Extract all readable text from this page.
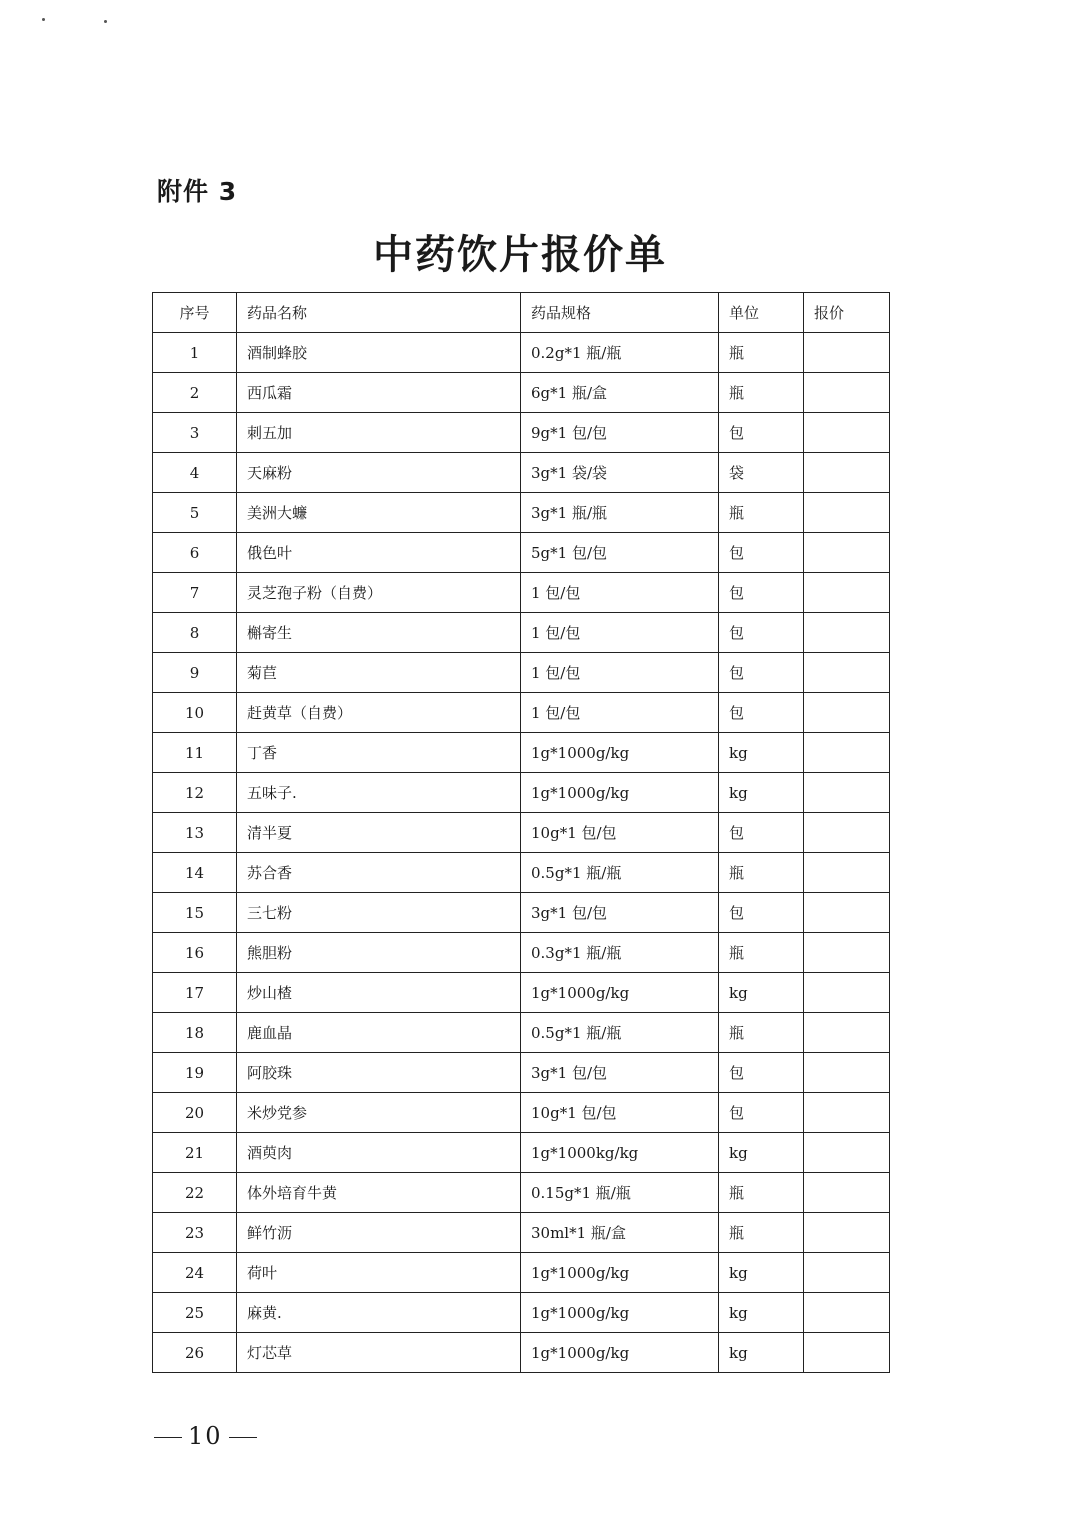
附件 3
中药饮片报价单
序号	药品名称	药品规格	单位	报价
1	酒制蜂胶	0.2g*1 瓶/瓶	瓶	
2	西瓜霜	6g*1 瓶/盒	瓶	
3	刺五加	9g*1 包/包	包	
4	天麻粉	3g*1 袋/袋	袋	
5	美洲大蠊	3g*1 瓶/瓶	瓶	
6	俄色叶	5g*1 包/包	包	
7	灵芝孢子粉（自费）	1 包/包	包	
8	槲寄生	1 包/包	包	
9	菊苣	1 包/包	包	
10	赶黄草（自费）	1 包/包	包	
11	丁香	1g*1000g/kg	kg	
12	五味子.	1g*1000g/kg	kg	
13	清半夏	10g*1 包/包	包	
14	苏合香	0.5g*1 瓶/瓶	瓶	
15	三七粉	3g*1 包/包	包	
16	熊胆粉	0.3g*1 瓶/瓶	瓶	
17	炒山楂	1g*1000g/kg	kg	
18	鹿血晶	0.5g*1 瓶/瓶	瓶	
19	阿胶珠	3g*1 包/包	包	
20	米炒党参	10g*1 包/包	包	
21	酒萸肉	1g*1000kg/kg	kg	
22	体外培育牛黄	0.15g*1 瓶/瓶	瓶	
23	鲜竹沥	30ml*1 瓶/盒	瓶	
24	荷叶	1g*1000g/kg	kg	
25	麻黄.	1g*1000g/kg	kg	
26	灯芯草	1g*1000g/kg	kg	
10
